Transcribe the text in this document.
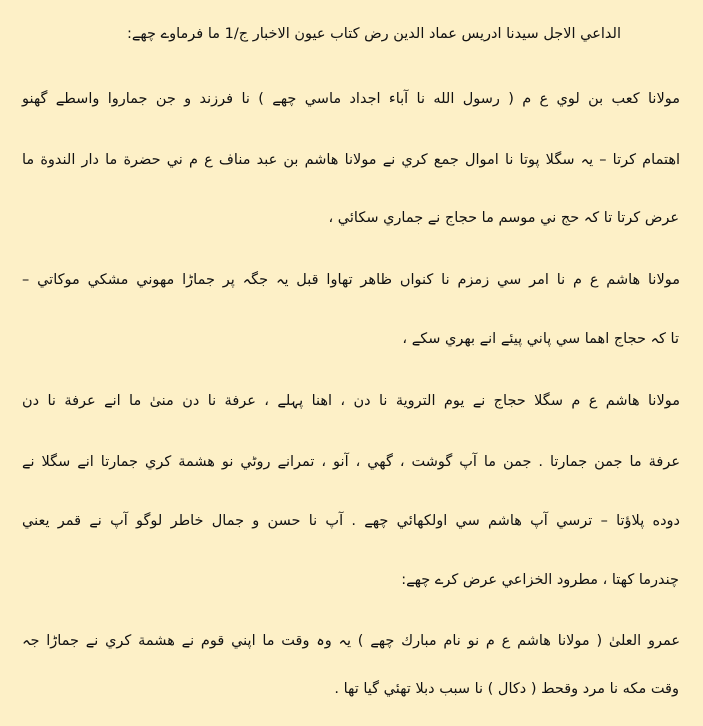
الداعي الاجل سيدنا ادريس عماد الدين رض كتاب عيون الاخبار ج/1 ما فرماوے چھے:
مولانا كعب بن لوي ع م ( رسول الله نا آباء اجداد ماسي چھے ) نا فرزند و جن جماروا واسطے گھنو
اهتمام كرتا – يہ سگلا پوتا نا اموال جمع كري نے مولانا هاشم بن عبد مناف ع م ني حضرة ما دار الندوة ما
عرض كرتا تا كہ حج ني موسم ما حجاج نے جماري سكائي ،
مولانا هاشم ع م نا امر سي زمزم نا كنواں ظاهر تھاوا قبل يہ جگہ پر جماڑا مهوني مشكي موكاتي –
تا كہ حجاج اهما سي پاني پيئے انے بھري سكے ،
مولانا هاشم ع م سگلا حجاج نے يوم التروية نا دن ، اهنا پہلے ، عرفة نا دن منیٰ ما انے عرفة نا دن
عرفة ما جمن جمارتا . جمن ما آپ گوشت ، گھي ، آنو ، تمرانے روٹي نو هشمة كري جمارتا انے سگلا نے
دوده پلاؤتا – ترسي آپ هاشم سي اولكھائي چھے . آپ نا حسن و جمال خاطر لوگو آپ نے قمر يعني
چندرما كهتا ، مطرود الخزاعي عرض كرے چھے:
عمرو العلیٰ ( مولانا هاشم ع م نو نام مبارك چھے ) يہ وہ وقت ما اپني قوم نے هشمة كري نے جماڑا جہ
وقت مكه نا مرد وقحط ( دكال ) نا سبب دبلا تھئي گيا تھا .
